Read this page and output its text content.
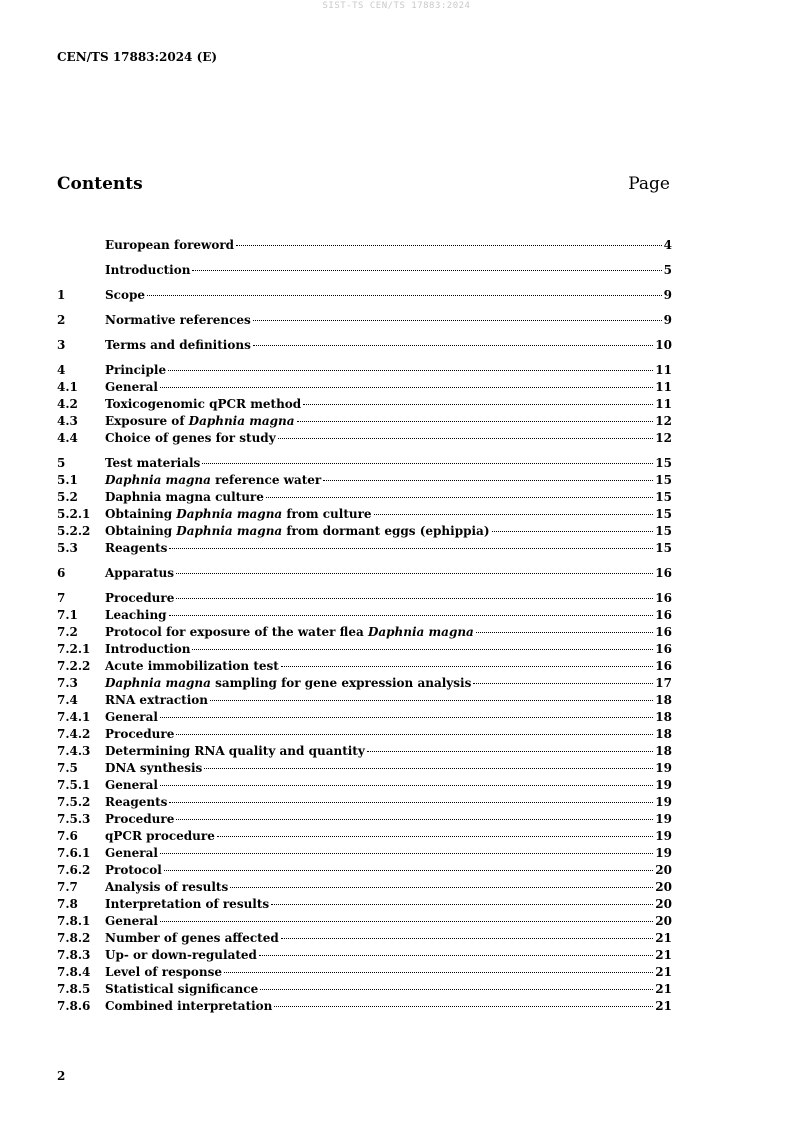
SIST-TS CEN/TS 17883:2024
CEN/TS 17883:2024 (E)
Contents	Page
European foreword	4
Introduction	5
1	Scope	9
2	Normative references	9
3	Terms and definitions	10
4	Principle	11
4.1	General	11
4.2	Toxicogenomic qPCR method	11
4.3	Exposure of Daphnia magna	12
4.4	Choice of genes for study	12
5	Test materials	15
5.1	Daphnia magna reference water	15
5.2	Daphnia magna culture	15
5.2.1	Obtaining Daphnia magna from culture	15
5.2.2	Obtaining Daphnia magna from dormant eggs (ephippia)	15
5.3	Reagents	15
6	Apparatus	16
7	Procedure	16
7.1	Leaching	16
7.2	Protocol for exposure of the water flea Daphnia magna	16
7.2.1	Introduction	16
7.2.2	Acute immobilization test	16
7.3	Daphnia magna sampling for gene expression analysis	17
7.4	RNA extraction	18
7.4.1	General	18
7.4.2	Procedure	18
7.4.3	Determining RNA quality and quantity	18
7.5	DNA synthesis	19
7.5.1	General	19
7.5.2	Reagents	19
7.5.3	Procedure	19
7.6	qPCR procedure	19
7.6.1	General	19
7.6.2	Protocol	20
7.7	Analysis of results	20
7.8	Interpretation of results	20
7.8.1	General	20
7.8.2	Number of genes affected	21
7.8.3	Up- or down-regulated	21
7.8.4	Level of response	21
7.8.5	Statistical significance	21
7.8.6	Combined interpretation	21
2
